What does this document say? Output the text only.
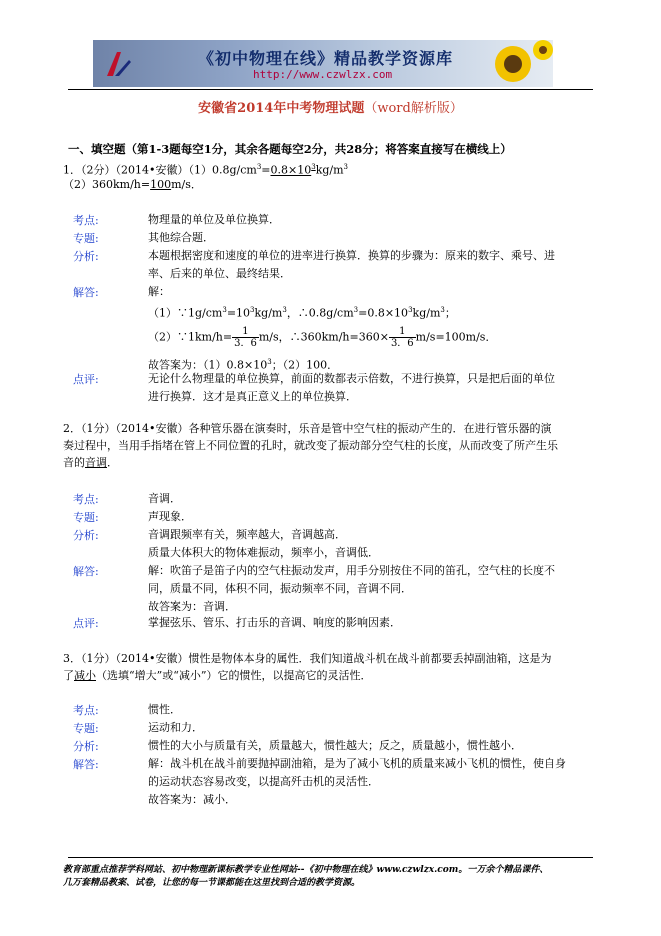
《初中物理在线》精品教学资源库
http://www.czwlzx.com
安徽省2014年中考物理试题（word解析版）
一、填空题（第1-3题每空1分，其余各题每空2分，共28分；将答案直接写在横线上）
1．（2分）（2014•安徽）$(1)0.8g/cm^3=0.8\times 10^3kg/m^3$
（2）360km/h=100m/s．
考点:	物理量的单位及单位换算．
专题:	其他综合题．
分析:	本题根据密度和速度的单位的进率进行换算．换算的步骤为：原来的数字、乘号、进
率、后来的单位、最终结果．
解答:	解：
$(1)\because 1g/cm^3=10^3kg/m^3$，$\therefore 0.8g/cm^3=0.8\times 10^3kg/m^3$；
（2）∵1km/h= $\frac{1}{3.6} m/s$，∴360km/h=360× $\frac{1}{3.6} m/s=100m/s$．
故答案为：$(1)0.8\times 10^3$；（2）100．
点评:	无论什么物理量的单位换算，前面的数都表示倍数，不进行换算，只是把后面的单位
进行换算．这才是真正意义上的单位换算．
2．（1分）（2014•安徽）各种管乐器在演奏时，乐音是管中空气柱的振动产生的．在进行管乐器的演
奏过程中，当用手指堵在管上不同位置的孔时，就改变了振动部分空气柱的长度，从而改变了所产生乐
音的音调．
考点:	音调．
专题:	声现象．
分析:	音调跟频率有关，频率越大，音调越高．
质量大体积大的物体难振动，频率小，音调低．
解答:	解：吹笛子是笛子内的空气柱振动发声，用手分别按住不同的笛孔，空气柱的长度不
同，质量不同，体积不同，振动频率不同，音调不同．
故答案为：音调．
点评:	掌握弦乐、管乐、打击乐的音调、响度的影响因素．
3．（1分）（2014•安徽）惯性是物体本身的属性．我们知道战斗机在战斗前都要丢掉副油箱，这是为
了减小（选填“增大”或“减小”）它的惯性，以提高它的灵活性．
考点:	惯性．
专题:	运动和力．
分析:	惯性的大小与质量有关，质量越大，惯性越大；反之，质量越小，惯性越小．
解答:	解：战斗机在战斗前要抛掉副油箱，是为了减小飞机的质量来减小飞机的惯性，使自身
的运动状态容易改变，以提高歼击机的灵活性．
故答案为：减小．
教育部重点推荐学科网站、初中物理新课标教学专业性网站--《初中物理在线》www.czwlzx.com。一万余个精品课件、
几万套精品教案、试卷，让您的每一节课都能在这里找到合适的教学资源。
